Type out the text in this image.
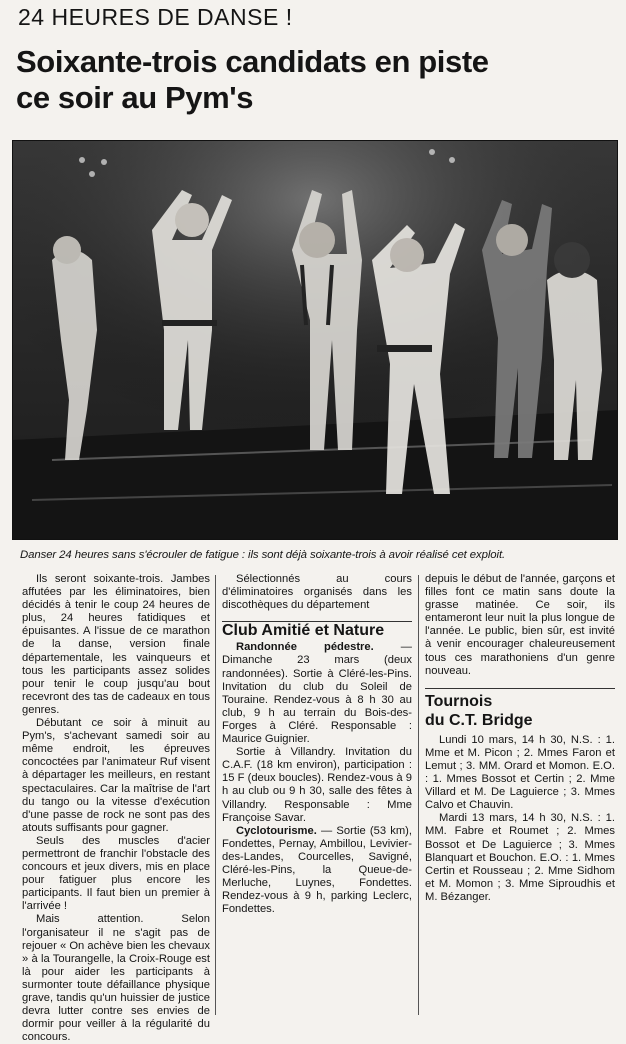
24 HEURES DE DANSE !
Soixante-trois candidats en piste
ce soir au Pym's
Danser 24 heures sans s'écrouler de fatigue : ils sont déjà soixante-trois à avoir réalisé cet exploit.

Ils seront soixante-trois. Jambes affutées par les éliminatoires, bien décidés à tenir le coup 24 heures de plus, 24 heures fatidiques et épuisantes. A l'issue de ce marathon de la danse, version finale départementale, les vainqueurs et tous les participants assez solides pour tenir le coup jusqu'au bout recevront des tas de cadeaux en tous genres.

Débutant ce soir à minuit au Pym's, s'achevant samedi soir au même endroit, les épreuves concoctées par l'animateur Ruf visent à départager les meilleurs, en restant spectaculaires. Car la maîtrise de l'art du tango ou la vitesse d'exécution d'une passe de rock ne sont pas des atouts suffisants pour gagner.

Seuls des muscles d'acier permettront de franchir l'obstacle des concours et jeux divers, mis en place pour fatiguer plus encore les participants. Il faut bien un premier à l'arrivée !

Mais attention. Selon l'organisateur il ne s'agit pas de rejouer « On achève bien les chevaux » à la Tourangelle, la Croix-Rouge est là pour aider les participants à surmonter toute défaillance physique grave, tandis qu'un huissier de justice devra lutter contre ses envies de dormir pour veiller à la régularité du concours.

Sélectionnés au cours d'éliminatoires organisés dans les discothèques du département

Club Amitié et Nature

Randonnée pédestre. — Dimanche 23 mars (deux randonnées). Sortie à Cléré-les-Pins. Invitation du club du Soleil de Touraine. Rendez-vous à 8 h 30 au club, 9 h au terrain du Bois-des-Forges à Cléré. Responsable : Maurice Guignier.

Sortie à Villandry. Invitation du C.A.F. (18 km environ), participation : 15 F (deux boucles). Rendez-vous à 9 h au club ou 9 h 30, salle des fêtes à Villandry. Responsable : Mme Françoise Savar.

Cyclotourisme. — Sortie (53 km), Fondettes, Pernay, Ambillou, Levivier-des-Landes, Courcelles, Savigné, Cléré-les-Pins, la Queue-de-Merluche, Luynes, Fondettes. Rendez-vous à 9 h, parking Leclerc, Fondettes.

depuis le début de l'année, garçons et filles font ce matin sans doute la grasse matinée. Ce soir, ils entameront leur nuit la plus longue de l'année. Le public, bien sûr, est invité à venir encourager chaleureusement tous ces marathoniens d'un genre nouveau.

Tournois
du C.T. Bridge

Lundi 10 mars, 14 h 30, N.S. : 1. Mme et M. Picon ; 2. Mmes Faron et Lemut ; 3. MM. Orard et Momon. E.O. : 1. Mmes Bossot et Certin ; 2. Mme Villard et M. De Laguierce ; 3. Mmes Calvo et Chauvin.

Mardi 13 mars, 14 h 30, N.S. : 1. MM. Fabre et Roumet ; 2. Mmes Bossot et De Laguierce ; 3. Mmes Blanquart et Bouchon. E.O. : 1. Mmes Certin et Rousseau ; 2. Mme Sidhom et M. Momon ; 3. Mme Siproudhis et M. Bézanger.
